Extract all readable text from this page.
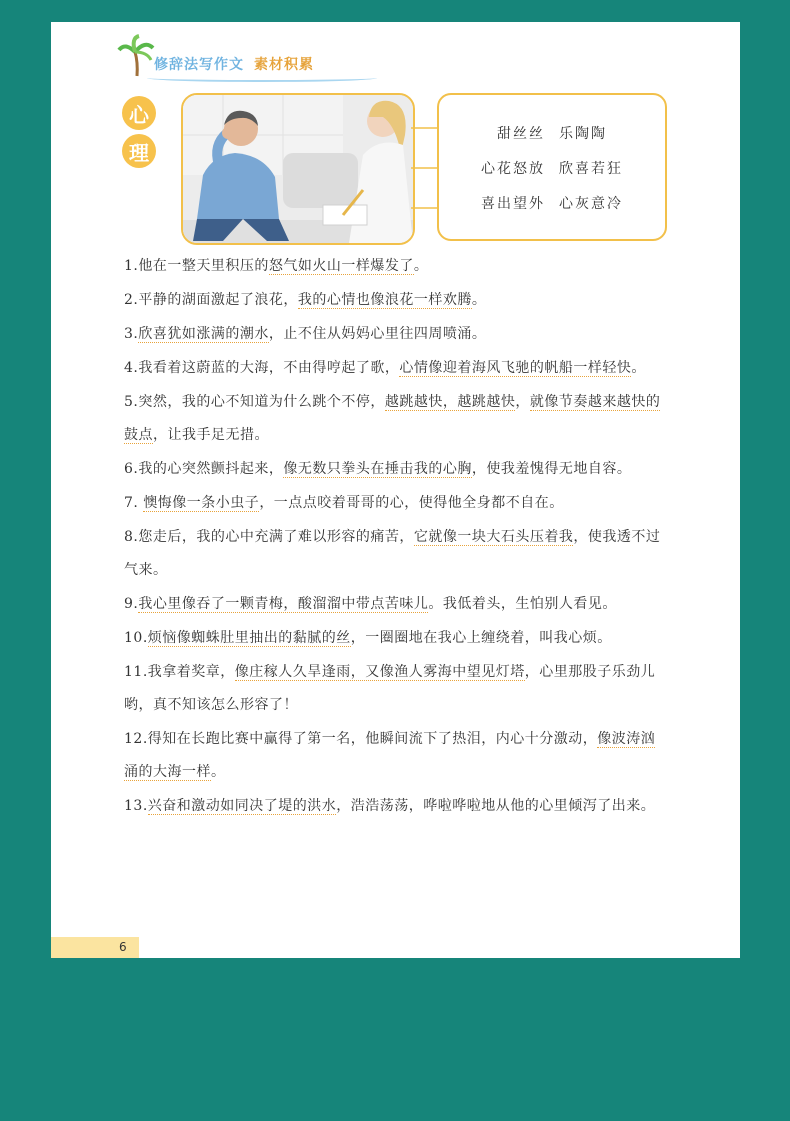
修辞法写作文 素材积累
心
理
甜丝丝 乐陶陶
心花怒放 欣喜若狂
喜出望外 心灰意冷
1.他在一整天里积压的怒气如火山一样爆发了。
2.平静的湖面激起了浪花，我的心情也像浪花一样欢腾。
3.欣喜犹如涨满的潮水，止不住从妈妈心里往四周喷涌。
4.我看着这蔚蓝的大海，不由得哼起了歌，心情像迎着海风飞驰的帆船一样轻快。
5.突然，我的心不知道为什么跳个不停，越跳越快，越跳越快，就像节奏越来越快的鼓点，让我手足无措。
6.我的心突然颤抖起来，像无数只拳头在捶击我的心胸，使我羞愧得无地自容。
7. 懊悔像一条小虫子，一点点咬着哥哥的心，使得他全身都不自在。
8.您走后，我的心中充满了难以形容的痛苦，它就像一块大石头压着我，使我透不过气来。
9.我心里像吞了一颗青梅，酸溜溜中带点苦味儿。我低着头，生怕别人看见。
10.烦恼像蜘蛛肚里抽出的黏腻的丝，一圈圈地在我心上缠绕着，叫我心烦。
11.我拿着奖章，像庄稼人久旱逢雨，又像渔人雾海中望见灯塔，心里那股子乐劲儿哟，真不知该怎么形容了！
12.得知在长跑比赛中赢得了第一名，他瞬间流下了热泪，内心十分激动，像波涛汹涌的大海一样。
13.兴奋和激动如同决了堤的洪水，浩浩荡荡，哗啦哗啦地从他的心里倾泻了出来。
6
